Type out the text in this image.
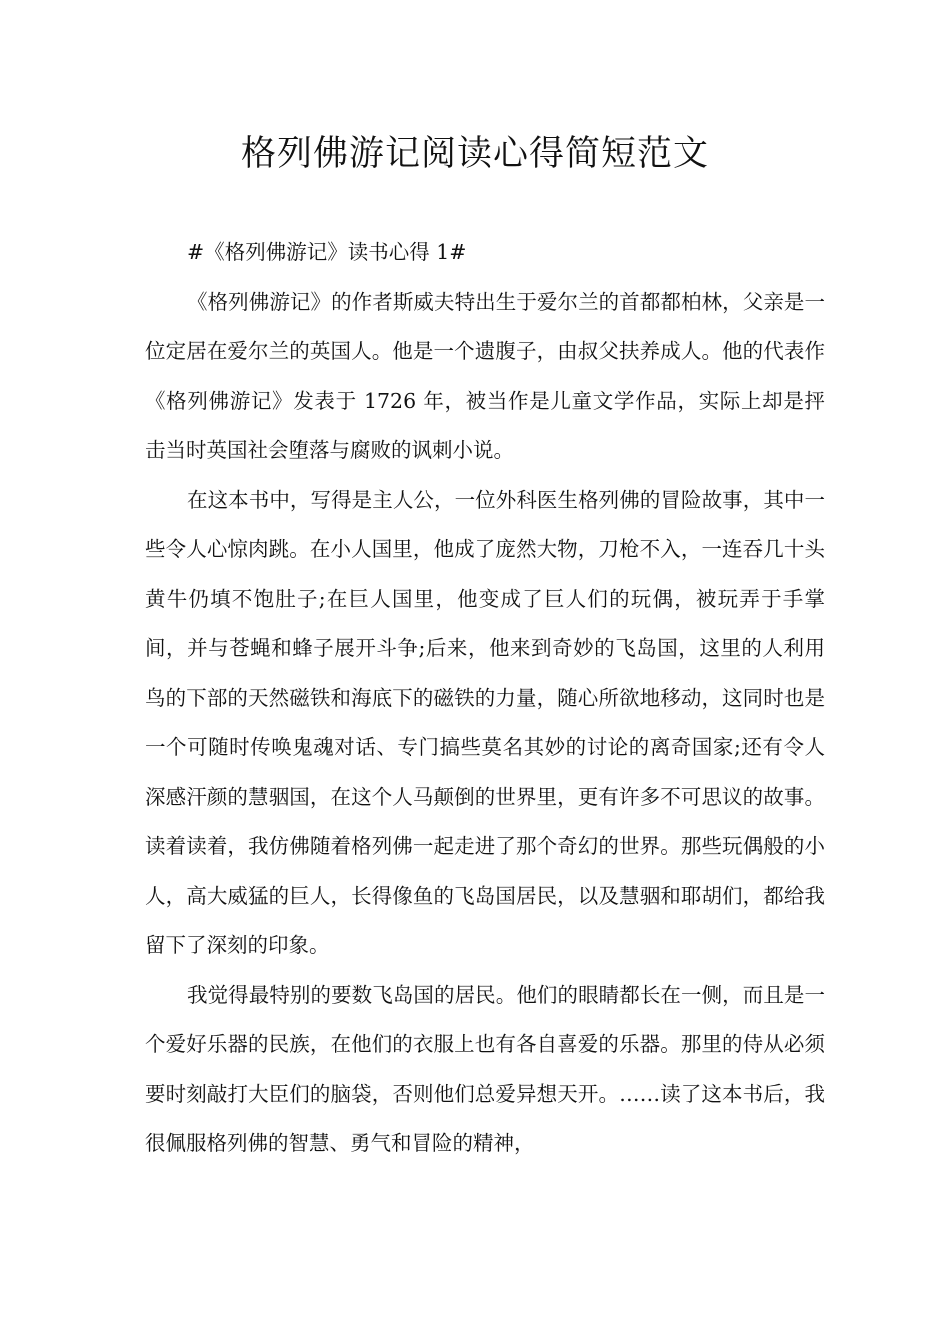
格列佛游记阅读心得简短范文

#《格列佛游记》读书心得 1#

《格列佛游记》的作者斯威夫特出生于爱尔兰的首都都柏林，父亲是一位定居在爱尔兰的英国人。他是一个遗腹子，由叔父扶养成人。他的代表作《格列佛游记》发表于 1726 年，被当作是儿童文学作品，实际上却是抨击当时英国社会堕落与腐败的讽刺小说。

在这本书中，写得是主人公，一位外科医生格列佛的冒险故事，其中一些令人心惊肉跳。在小人国里，他成了庞然大物，刀枪不入，一连吞几十头黄牛仍填不饱肚子;在巨人国里，他变成了巨人们的玩偶，被玩弄于手掌间，并与苍蝇和蜂子展开斗争;后来，他来到奇妙的飞岛国，这里的人利用鸟的下部的天然磁铁和海底下的磁铁的力量，随心所欲地移动，这同时也是一个可随时传唤鬼魂对话、专门搞些莫名其妙的讨论的离奇国家;还有令人深感汗颜的慧骃国，在这个人马颠倒的世界里，更有许多不可思议的故事。读着读着，我仿佛随着格列佛一起走进了那个奇幻的世界。那些玩偶般的小人，高大威猛的巨人，长得像鱼的飞岛国居民，以及慧骃和耶胡们，都给我留下了深刻的印象。

我觉得最特别的要数飞岛国的居民。他们的眼睛都长在一侧，而且是一个爱好乐器的民族，在他们的衣服上也有各自喜爱的乐器。那里的侍从必须要时刻敲打大臣们的脑袋，否则他们总爱异想天开。……读了这本书后，我很佩服格列佛的智慧、勇气和冒险的精神，
